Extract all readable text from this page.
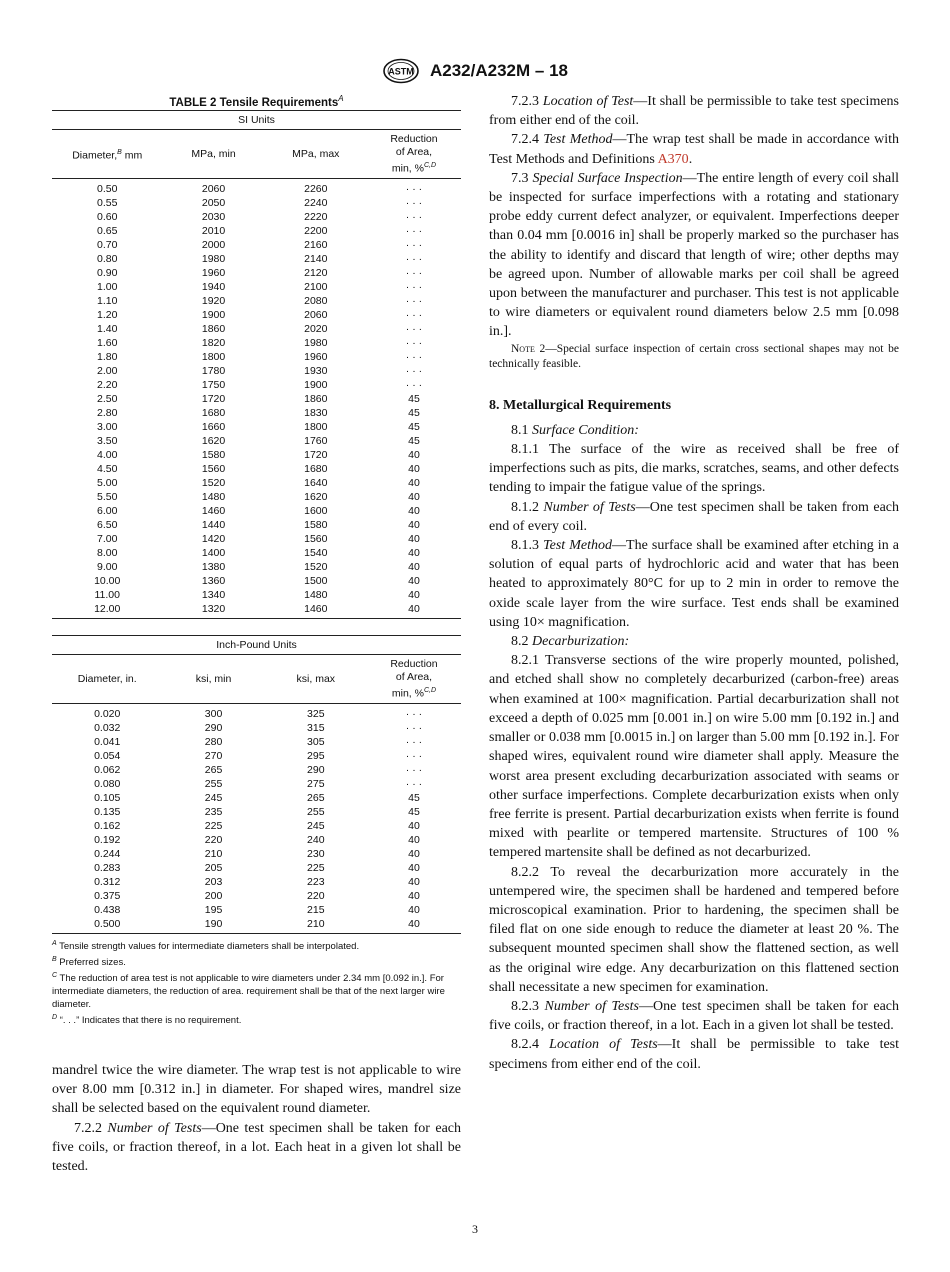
ASTM A232/A232M – 18
TABLE 2 Tensile Requirements$^A$
SI Units			
Diameter,$^B$ mm	MPa, min	MPa, max	Reduction
of Area,
min, %$^{C,D}$
0.50	2060	2260	· · ·
0.55	2050	2240	· · ·
0.60	2030	2220	· · ·
0.65	2010	2200	· · ·
0.70	2000	2160	· · ·
0.80	1980	2140	· · ·
0.90	1960	2120	· · ·
1.00	1940	2100	· · ·
1.10	1920	2080	· · ·
1.20	1900	2060	· · ·
1.40	1860	2020	· · ·
1.60	1820	1980	· · ·
1.80	1800	1960	· · ·
2.00	1780	1930	· · ·
2.20	1750	1900	· · ·
2.50	1720	1860	45
2.80	1680	1830	45
3.00	1660	1800	45
3.50	1620	1760	45
4.00	1580	1720	40
4.50	1560	1680	40
5.00	1520	1640	40
5.50	1480	1620	40
6.00	1460	1600	40
6.50	1440	1580	40
7.00	1420	1560	40
8.00	1400	1540	40
9.00	1380	1520	40
10.00	1360	1500	40
11.00	1340	1480	40
12.00	1320	1460	40
Inch-Pound Units			
Diameter, in.	ksi, min	ksi, max	Reduction
of Area,
min, %$^{C,D}$
0.020	300	325	· · ·
0.032	290	315	· · ·
0.041	280	305	· · ·
0.054	270	295	· · ·
0.062	265	290	· · ·
0.080	255	275	· · ·
0.105	245	265	45
0.135	235	255	45
0.162	225	245	40
0.192	220	240	40
0.244	210	230	40
0.283	205	225	40
0.312	203	223	40
0.375	200	220	40
0.438	195	215	40
0.500	190	210	40
$^A$ Tensile strength values for intermediate diameters shall be interpolated.
$^B$ Preferred sizes.
$^C$ The reduction of area test is not applicable to wire diameters under 2.34 mm [0.092 in.]. For intermediate diameters, the reduction of area. requirement shall be that of the next larger wire diameter.
$^D$ “. . .” Indicates that there is no requirement.

mandrel twice the wire diameter. The wrap test is not applicable to wire over 8.00 mm [0.312 in.] in diameter. For shaped wires, mandrel size shall be selected based on the equivalent round diameter.

7.2.2 Number of Tests—One test specimen shall be taken for each five coils, or fraction thereof, in a lot. Each heat in a given lot shall be tested.

7.2.3 Location of Test—It shall be permissible to take test specimens from either end of the coil.

7.2.4 Test Method—The wrap test shall be made in accordance with Test Methods and Definitions A370.

7.3 Special Surface Inspection—The entire length of every coil shall be inspected for surface imperfections with a rotating and stationary probe eddy current defect analyzer, or equivalent. Imperfections deeper than 0.04 mm [0.0016 in] shall be properly marked so the purchaser has the ability to identify and discard that length of wire; other depths may be agreed upon. Number of allowable marks per coil shall be agreed upon between the manufacturer and purchaser. This test is not applicable to wire diameters or equivalent round diameters below 2.5 mm [0.098 in.].

Note 2—Special surface inspection of certain cross sectional shapes may not be technically feasible.

8. Metallurgical Requirements

8.1 Surface Condition:

8.1.1 The surface of the wire as received shall be free of imperfections such as pits, die marks, scratches, seams, and other defects tending to impair the fatigue value of the springs.

8.1.2 Number of Tests—One test specimen shall be taken from each end of every coil.

8.1.3 Test Method—The surface shall be examined after etching in a solution of equal parts of hydrochloric acid and water that has been heated to approximately 80°C for up to 2 min in order to remove the oxide scale layer from the wire surface. Test ends shall be examined using 10× magnification.

8.2 Decarburization:

8.2.1 Transverse sections of the wire properly mounted, polished, and etched shall show no completely decarburized (carbon-free) areas when examined at 100× magnification. Partial decarburization shall not exceed a depth of 0.025 mm [0.001 in.] on wire 5.00 mm [0.192 in.] and smaller or 0.038 mm [0.0015 in.] on larger than 5.00 mm [0.192 in.]. For shaped wires, equivalent round wire diameter shall apply. Measure the worst area present excluding decarburization associated with seams or other surface imperfections. Complete decarburization exists when only free ferrite is present. Partial decarburization exists when ferrite is found mixed with pearlite or tempered martensite. Structures of 100 % tempered martensite shall be defined as not decarburized.

8.2.2 To reveal the decarburization more accurately in the untempered wire, the specimen shall be hardened and tempered before microscopical examination. Prior to hardening, the specimen shall be filed flat on one side enough to reduce the diameter at least 20 %. The subsequent mounted specimen shall show the flattened section, as well as the original wire edge. Any decarburization on this flattened section shall necessitate a new specimen for examination.

8.2.3 Number of Tests—One test specimen shall be taken for each five coils, or fraction thereof, in a lot. Each in a given lot shall be tested.

8.2.4 Location of Tests—It shall be permissible to take test specimens from either end of the coil.

3
